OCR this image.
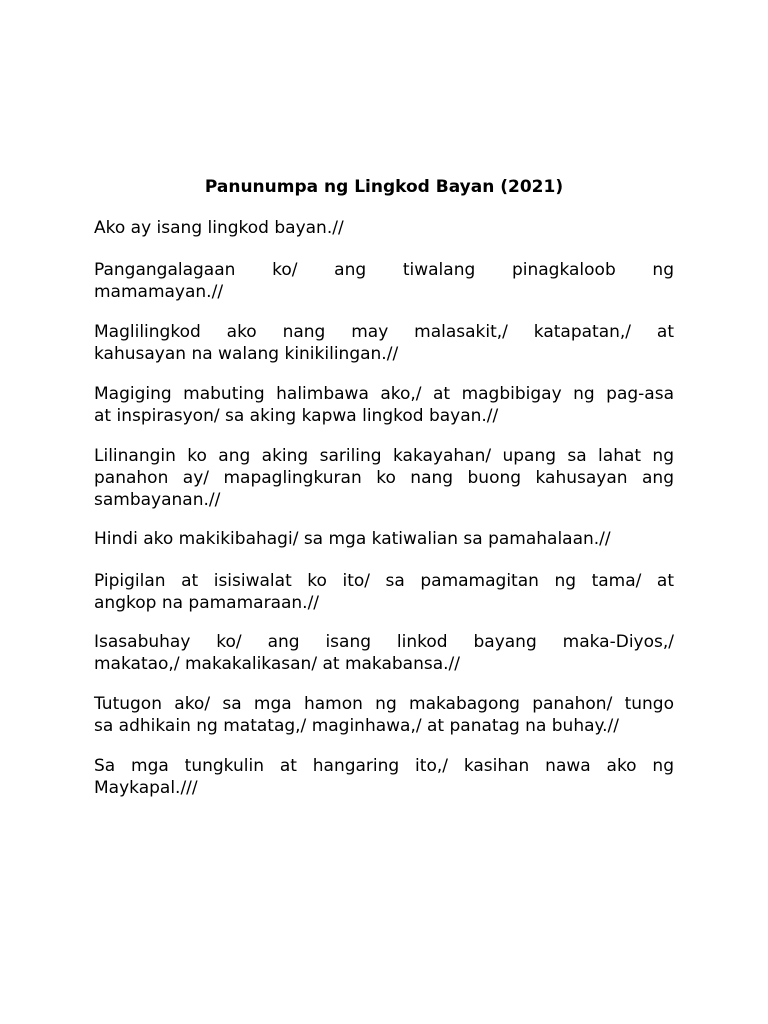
Panunumpa ng Lingkod Bayan (2021)

Ako ay isang lingkod bayan.//

Pangangalagaan ko/ ang tiwalang pinagkaloob ng
mamamayan.//

Maglilingkod ako nang may malasakit,/ katapatan,/ at
kahusayan na walang kinikilingan.//

Magiging mabuting halimbawa ako,/ at magbibigay ng pag-asa
at inspirasyon/ sa aking kapwa lingkod bayan.//

Lilinangin ko ang aking sariling kakayahan/ upang sa lahat ng
panahon ay/ mapaglingkuran ko nang buong kahusayan ang
sambayanan.//

Hindi ako makikibahagi/ sa mga katiwalian sa pamahalaan.//

Pipigilan at isisiwalat ko ito/ sa pamamagitan ng tama/ at
angkop na pamamaraan.//

Isasabuhay ko/ ang isang linkod bayang maka-Diyos,/
makatao,/ makakalikasan/ at makabansa.//

Tutugon ako/ sa mga hamon ng makabagong panahon/ tungo
sa adhikain ng matatag,/ maginhawa,/ at panatag na buhay.//

Sa mga tungkulin at hangaring ito,/ kasihan nawa ako ng
Maykapal.///
